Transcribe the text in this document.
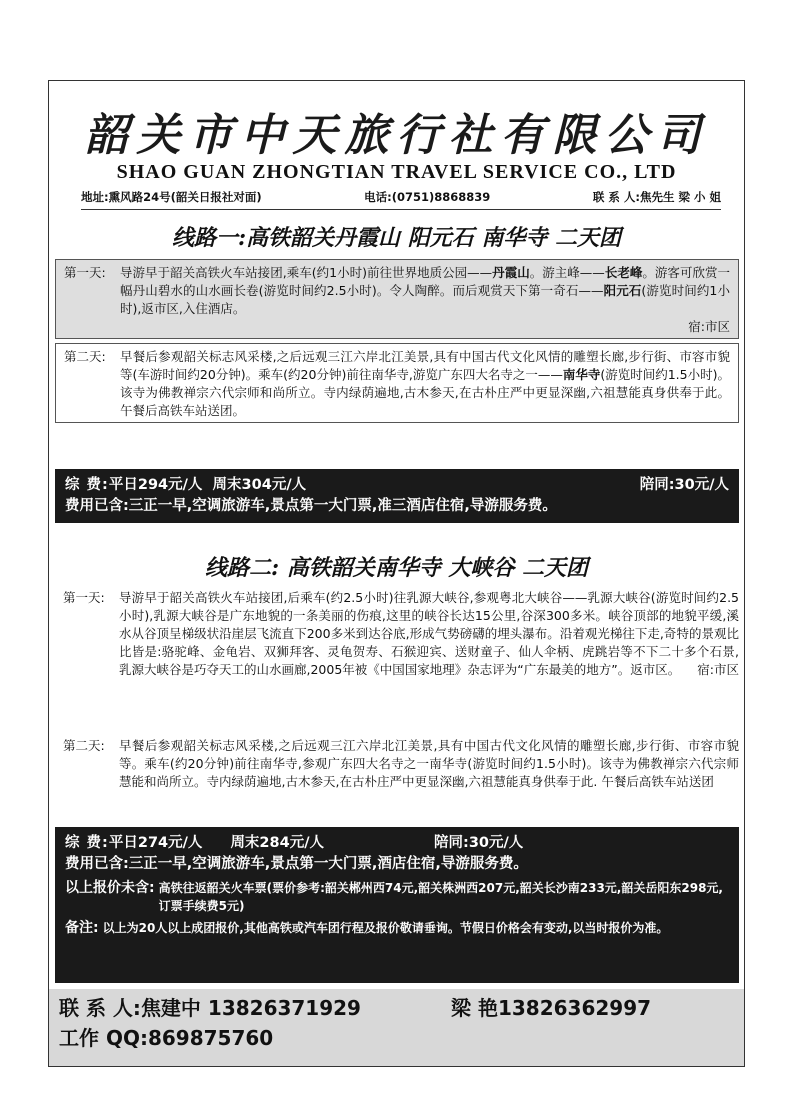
韶关市中天旅行社有限公司
SHAO GUAN ZHONGTIAN TRAVEL SERVICE CO., LTD
地址:熏风路24号(韶关日报社对面)	电话:(0751)8868839	联 系 人:焦先生 梁 小 姐
线路一:高铁韶关丹霞山 阳元石 南华寺 二天团
第一天:	导游早于韶关高铁火车站接团,乘车(约1小时)前往世界地质公园——丹霞山。游主峰——长老峰。游客可欣赏一幅丹山碧水的山水画长卷(游览时间约2.5小时)。令人陶醉。而后观赏天下第一奇石——阳元石(游览时间约1小时),返市区,入住酒店。
宿:市区
第二天:	早餐后参观韶关标志风采楼,之后远观三江六岸北江美景,具有中国古代文化风情的雕塑长廊,步行街、市容市貌等(车游时间约20分钟)。乘车(约20分钟)前往南华寺,游览广东四大名寺之一——南华寺(游览时间约1.5小时)。该寺为佛教禅宗六代宗师和尚所立。寺内绿荫遍地,古木参天,在古朴庄严中更显深幽,六祖慧能真身供奉于此。午餐后高铁车站送团。
综 费:平日294元/人 周末304元/人	陪同:30元/人
费用已含:三正一早,空调旅游车,景点第一大门票,准三酒店住宿,导游服务费。
线路二: 高铁韶关南华寺 大峡谷 二天团
第一天:	导游早于韶关高铁火车站接团,后乘车(约2.5小时)往乳源大峡谷,参观粤北大峡谷——乳源大峡谷(游览时间约2.5小时),乳源大峡谷是广东地貌的一条美丽的伤痕,这里的峡谷长达15公里,谷深300多米。峡谷顶部的地貌平缓,溪水从谷顶呈梯级状沿崖层飞流直下200多米到达谷底,形成气势磅礴的埋头瀑布。沿着观光梯往下走,奇特的景观比比皆是:骆驼峰、金龟岩、双狮拜客、灵龟贺寿、石猴迎宾、送财童子、仙人伞柄、虎跳岩等不下二十多个石景,乳源大峡谷是巧夺天工的山水画廊,2005年被《中国国家地理》杂志评为“广东最美的地方”。返市区。	宿:市区
第二天:	早餐后参观韶关标志风采楼,之后远观三江六岸北江美景,具有中国古代文化风情的雕塑长廊,步行街、市容市貌等。乘车(约20分钟)前往南华寺,参观广东四大名寺之一南华寺(游览时间约1.5小时)。该寺为佛教禅宗六代宗师慧能和尚所立。寺内绿荫遍地,古木参天,在古朴庄严中更显深幽,六祖慧能真身供奉于此. 午餐后高铁车站送团
综 费: 平日274元/人 周末284元/人	陪同:30元/人
费用已含:三正一早,空调旅游车,景点第一大门票,酒店住宿,导游服务费。
以上报价未含: 高铁往返韶关火车票(票价参考:韶关郴州西74元,韶关株洲西207元,韶关长沙南233元,韶关岳阳东298元,订票手续费5元)
备注: 以上为20人以上成团报价,其他高铁或汽车团行程及报价敬请垂询。节假日价格会有变动,以当时报价为准。
联 系 人: 焦建中 13826371929	梁 艳13826362997
工作 QQ: 869875760
